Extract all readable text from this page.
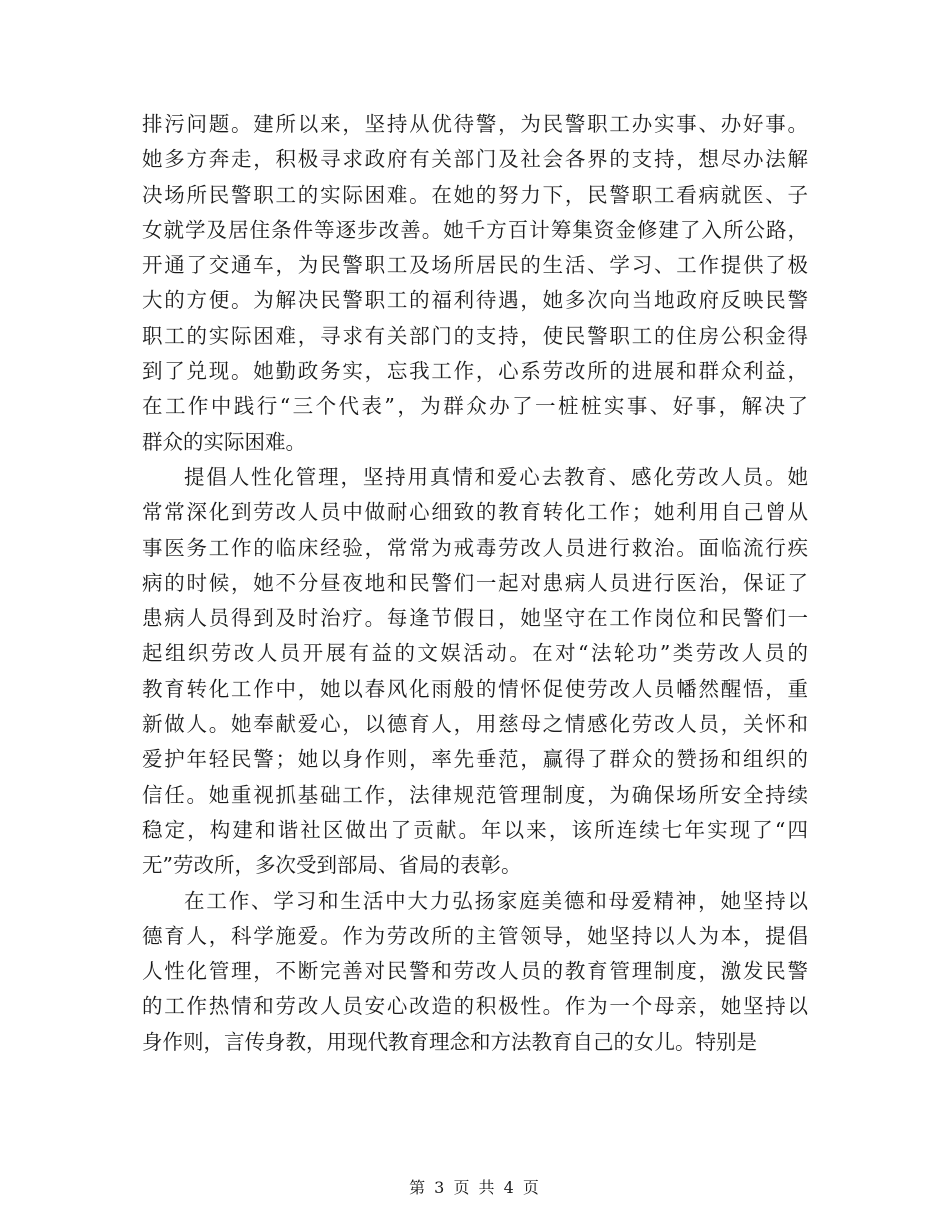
排污问题。建所以来，坚持从优待警，为民警职工办实事、办好事。
她多方奔走，积极寻求政府有关部门及社会各界的支持，想尽办法解
决场所民警职工的实际困难。在她的努力下，民警职工看病就医、子
女就学及居住条件等逐步改善。她千方百计筹集资金修建了入所公路，
开通了交通车，为民警职工及场所居民的生活、学习、工作提供了极
大的方便。为解决民警职工的福利待遇，她多次向当地政府反映民警
职工的实际困难，寻求有关部门的支持，使民警职工的住房公积金得
到了兑现。她勤政务实，忘我工作，心系劳改所的进展和群众利益，
在工作中践行“三个代表”，为群众办了一桩桩实事、好事，解决了
群众的实际困难。
提倡人性化管理，坚持用真情和爱心去教育、感化劳改人员。她
常常深化到劳改人员中做耐心细致的教育转化工作；她利用自己曾从
事医务工作的临床经验，常常为戒毒劳改人员进行救治。面临流行疾
病的时候，她不分昼夜地和民警们一起对患病人员进行医治，保证了
患病人员得到及时治疗。每逢节假日，她坚守在工作岗位和民警们一
起组织劳改人员开展有益的文娱活动。在对“法轮功”类劳改人员的
教育转化工作中，她以春风化雨般的情怀促使劳改人员幡然醒悟，重
新做人。她奉献爱心，以德育人，用慈母之情感化劳改人员，关怀和
爱护年轻民警；她以身作则，率先垂范，赢得了群众的赞扬和组织的
信任。她重视抓基础工作，法律规范管理制度，为确保场所安全持续
稳定，构建和谐社区做出了贡献。年以来，该所连续七年实现了“四
无”劳改所，多次受到部局、省局的表彰。
在工作、学习和生活中大力弘扬家庭美德和母爱精神，她坚持以
德育人，科学施爱。作为劳改所的主管领导，她坚持以人为本，提倡
人性化管理，不断完善对民警和劳改人员的教育管理制度，激发民警
的工作热情和劳改人员安心改造的积极性。作为一个母亲，她坚持以
身作则，言传身教，用现代教育理念和方法教育自己的女儿。特别是
第 3 页 共 4 页
